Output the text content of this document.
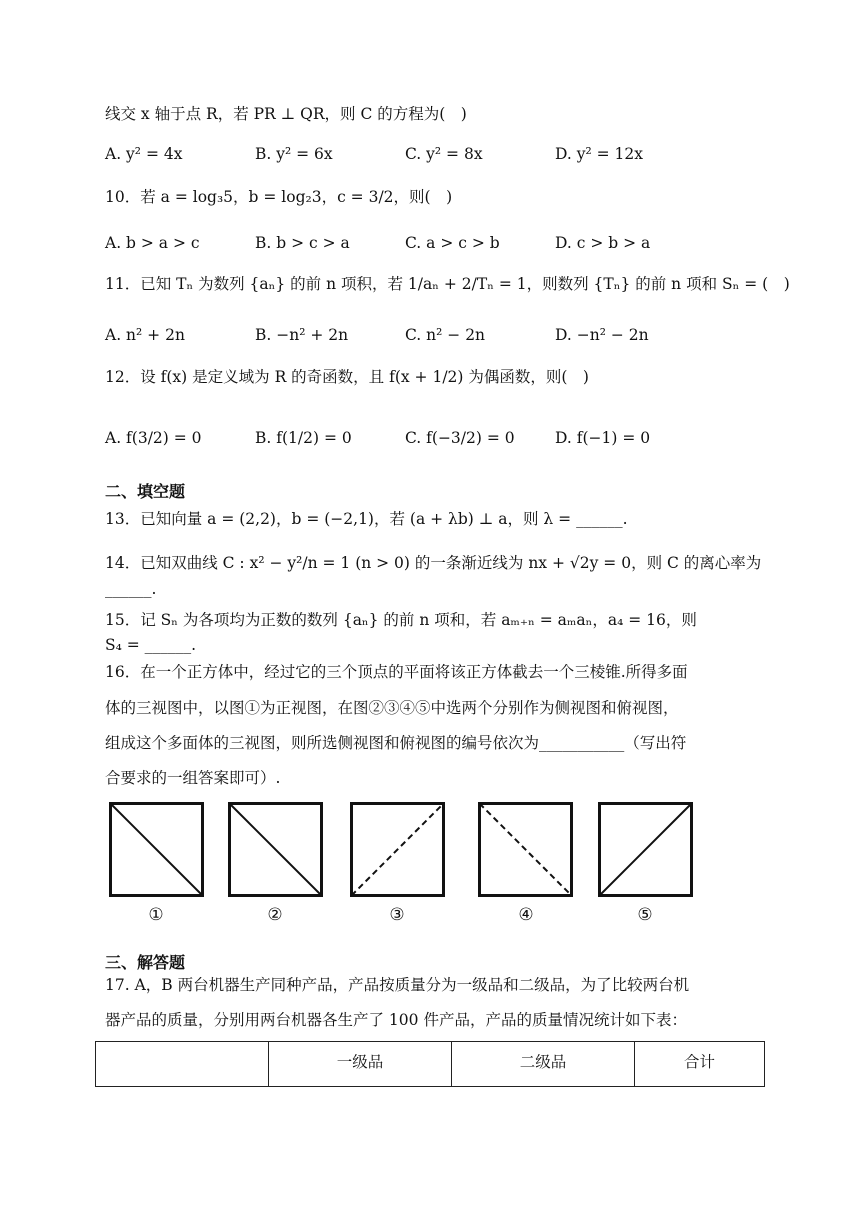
线交 x 轴于点 R，若 PR ⊥ QR，则 C 的方程为(　)
A. y² = 4x	B. y² = 6x	C. y² = 8x	D. y² = 12x
10．若 a = log₃5，b = log₂3，c = 3/2，则(　)
A. b > a > c	B. b > c > a	C. a > c > b	D. c > b > a
11．已知 Tₙ 为数列 {aₙ} 的前 n 项积，若 1/aₙ + 2/Tₙ = 1，则数列 {Tₙ} 的前 n 项和 Sₙ = (　)
A. n² + 2n	B. −n² + 2n	C. n² − 2n	D. −n² − 2n
12．设 f(x) 是定义域为 R 的奇函数，且 f(x + 1/2) 为偶函数，则(　)
A. f(3/2) = 0	B. f(1/2) = 0	C. f(−3/2) = 0	D. f(−1) = 0
二、填空题
13．已知向量 a = (2,2)，b = (−2,1)，若 (a + λb) ⊥ a，则 λ = ______.
14．已知双曲线 C : x² − y²/n = 1 (n > 0) 的一条渐近线为 nx + √2y = 0，则 C 的离心率为
______.
15．记 Sₙ 为各项均为正数的数列 {aₙ} 的前 n 项和，若 aₘ₊ₙ = aₘaₙ，a₄ = 16，则
S₄ = ______.
16．在一个正方体中，经过它的三个顶点的平面将该正方体截去一个三棱锥.所得多面
体的三视图中，以图①为正视图，在图②③④⑤中选两个分别作为侧视图和俯视图，
组成这个多面体的三视图，则所选侧视图和俯视图的编号依次为___________（写出符
合要求的一组答案即可）.
①	②	③	④	⑤
三、解答题
17. A，B 两台机器生产同种产品，产品按质量分为一级品和二级品，为了比较两台机
器产品的质量，分别用两台机器各生产了 100 件产品，产品的质量情况统计如下表：
	一级品	二级品	合计
